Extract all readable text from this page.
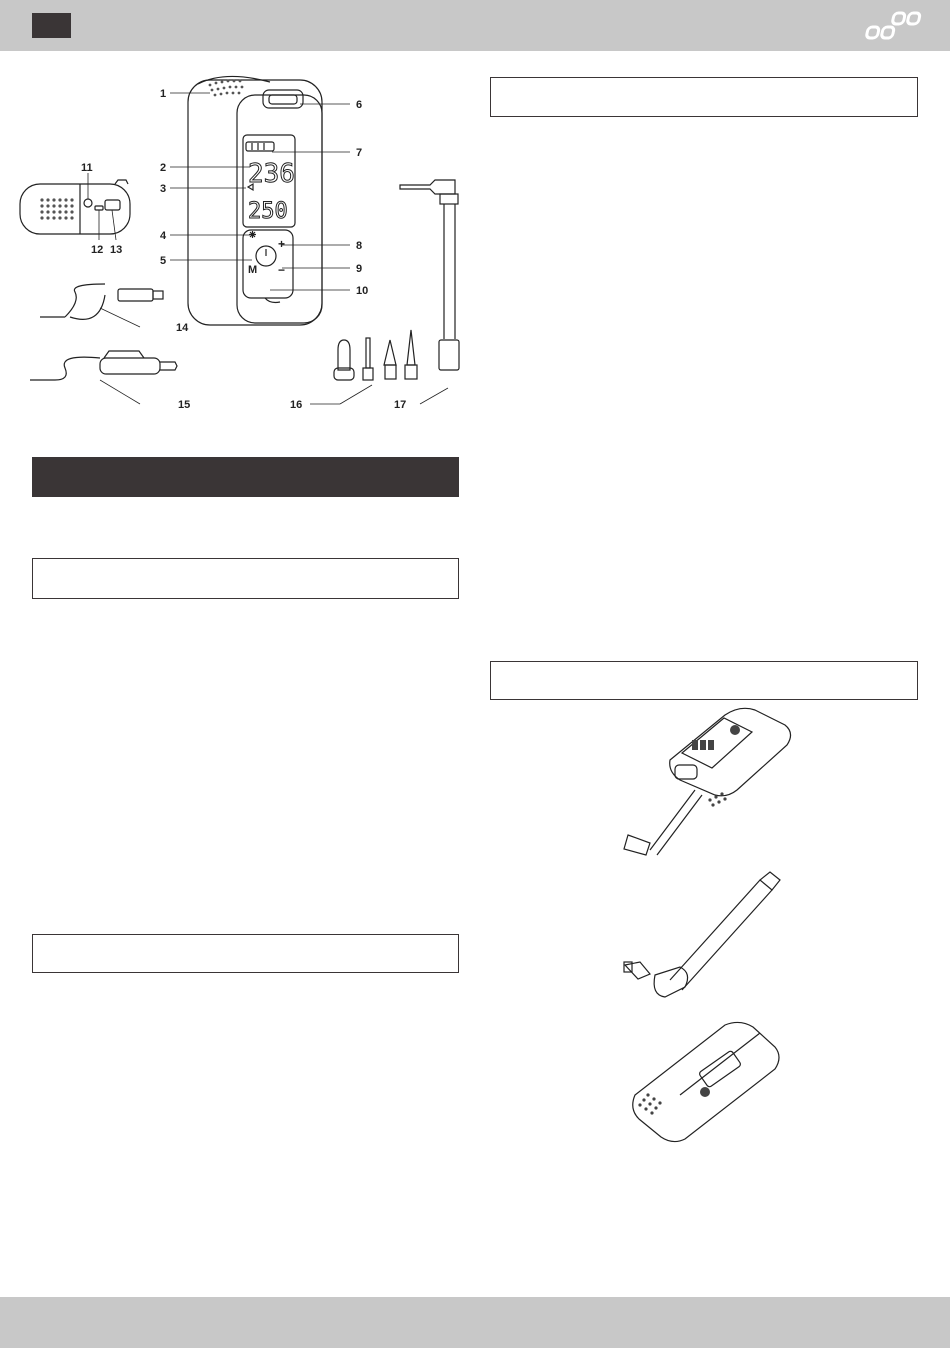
236
250
M
+
−
1
2
3
4
5
6
7
8
9
10
11
12 13
14
15	16	17
